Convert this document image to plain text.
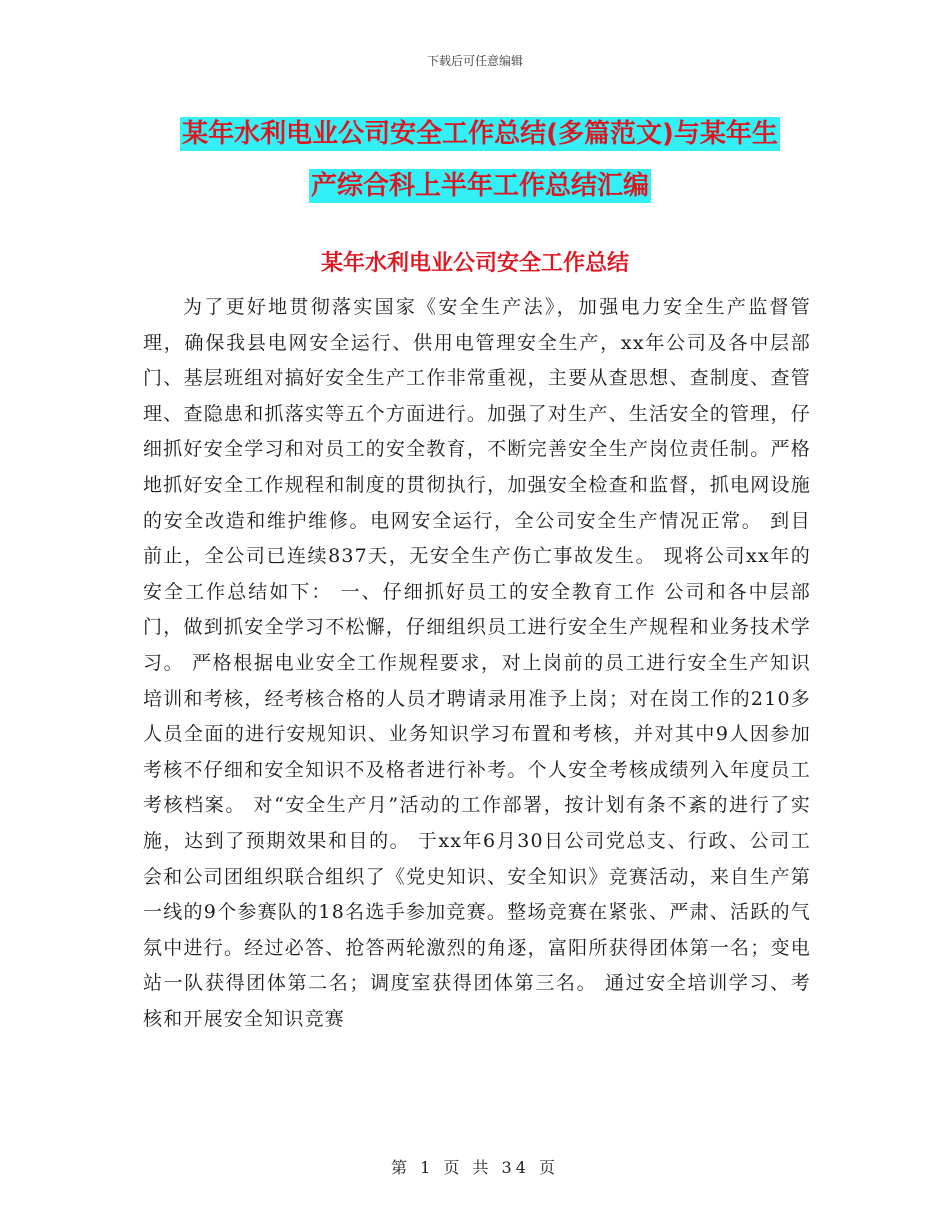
下载后可任意编辑
某年水利电业公司安全工作总结(多篇范文)与某年生
产综合科上半年工作总结汇编
某年水利电业公司安全工作总结

为了更好地贯彻落实国家《安全生产法》，加强电力安全生产监督管理，确保我县电网安全运行、供用电管理安全生产，xx年公司及各中层部门、基层班组对搞好安全生产工作非常重视，主要从查思想、查制度、查管理、查隐患和抓落实等五个方面进行。加强了对生产、生活安全的管理，仔细抓好安全学习和对员工的安全教育，不断完善安全生产岗位责任制。严格地抓好安全工作规程和制度的贯彻执行，加强安全检查和监督，抓电网设施的安全改造和维护维修。电网安全运行，全公司安全生产情况正常。 到目前止，全公司已连续837天，无安全生产伤亡事故发生。 现将公司xx年的安全工作总结如下： 一、仔细抓好员工的安全教育工作 公司和各中层部门，做到抓安全学习不松懈，仔细组织员工进行安全生产规程和业务技术学习。 严格根据电业安全工作规程要求，对上岗前的员工进行安全生产知识培训和考核，经考核合格的人员才聘请录用准予上岗；对在岗工作的210多人员全面的进行安规知识、业务知识学习布置和考核，并对其中9人因参加考核不仔细和安全知识不及格者进行补考。个人安全考核成绩列入年度员工考核档案。 对“安全生产月”活动的工作部署，按计划有条不紊的进行了实施，达到了预期效果和目的。 于xx年6月30日公司党总支、行政、公司工会和公司团组织联合组织了《党史知识、安全知识》竞赛活动，来自生产第一线的9个参赛队的18名选手参加竞赛。整场竞赛在紧张、严肃、活跃的气氛中进行。经过必答、抢答两轮激烈的角逐，富阳所获得团体第一名；变电站一队获得团体第二名；调度室获得团体第三名。 通过安全培训学习、考核和开展安全知识竞赛

第 1 页 共 34 页
